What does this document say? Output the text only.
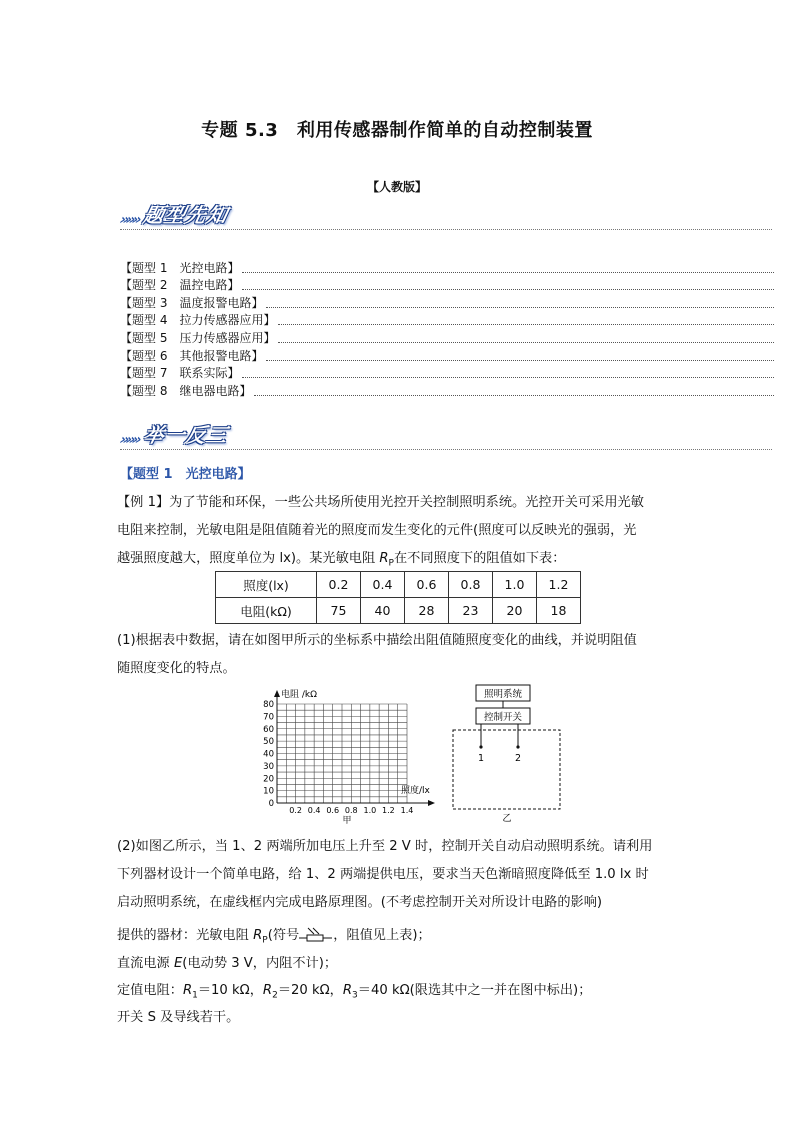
专题 5.3　利用传感器制作简单的自动控制装置
【人教版】
»»» 题型先知
【题型 1　光控电路】
【题型 2　温控电路】
【题型 3　温度报警电路】
【题型 4　拉力传感器应用】
【题型 5　压力传感器应用】
【题型 6　其他报警电路】
【题型 7　联系实际】
【题型 8　继电器电路】
»»» 举一反三
【题型 1　光控电路】
【例 1】为了节能和环保，一些公共场所使用光控开关控制照明系统。光控开关可采用光敏
电阻来控制，光敏电阻是阻值随着光的照度而发生变化的元件(照度可以反映光的强弱，光
越强照度越大，照度单位为 lx)。某光敏电阻 $R_P$在不同照度下的阻值如下表：
照度(lx)	0.2	0.4	0.6	0.8	1.0	1.2
电阻(kΩ)	75	40	28	23	20	18
(1)根据表中数据，请在如图甲所示的坐标系中描绘出阻值随照度变化的曲线，并说明阻值
随照度变化的特点。
电阻 /kΩ
照度/lx
80
70
60
50
40
30
20
10
0
0.2 0.4 0.6 0.8 1.0 1.2 1.4
甲
照明系统
控制开关
1	2
乙
(2)如图乙所示，当 1、2 两端所加电压上升至 2 V 时，控制开关自动启动照明系统。请利用
下列器材设计一个简单电路，给 1、2 两端提供电压，要求当天色渐暗照度降低至 1.0 lx 时
启动照明系统，在虚线框内完成电路原理图。(不考虑控制开关对所设计电路的影响)
提供的器材：光敏电阻 $R_P$(符号	，阻值见上表)；
直流电源 E(电动势 3 V，内阻不计)；
定值电阻：$R_1=10$ kΩ，$R_2=20$ kΩ，$R_3=40$ kΩ(限选其中之一并在图中标出)；
开关 S 及导线若干。
